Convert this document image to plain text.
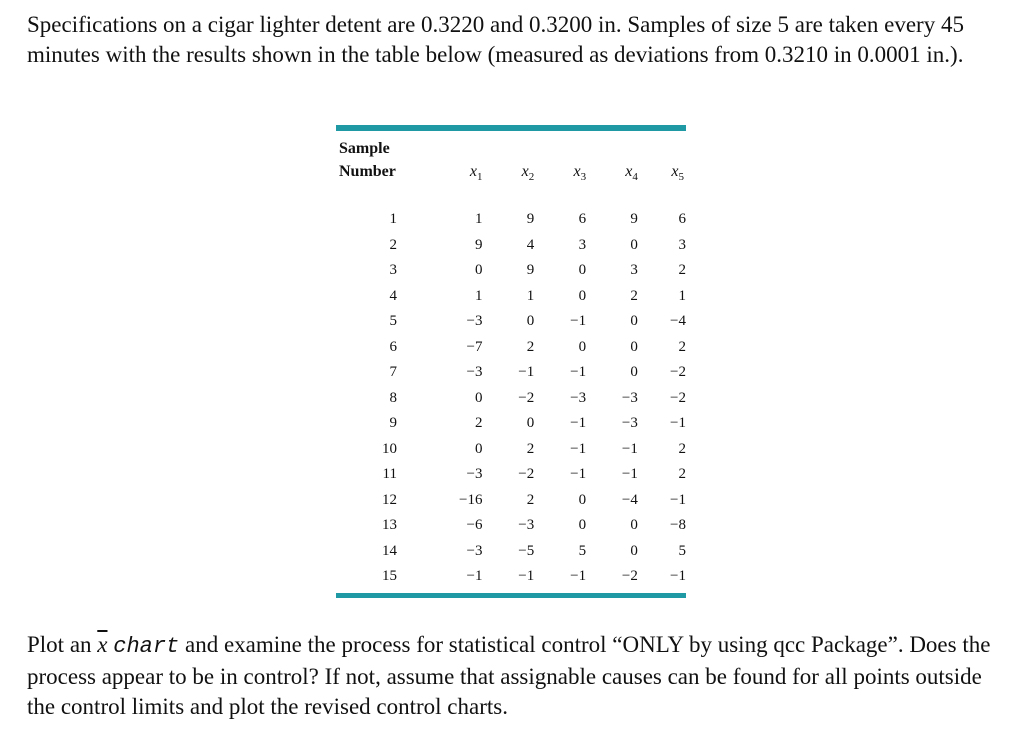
Specifications on a cigar lighter detent are 0.3220 and 0.3200 in. Samples of size 5 are taken every 45 minutes with the results shown in the table below (measured as deviations from 0.3210 in 0.0001 in.).

Sample
Number	$x_1$	$x_2$	$x_3$	$x_4$	$x_5$

1	1	9	6	9	6
2	9	4	3	0	3
3	0	9	0	3	2
4	1	1	0	2	1
5	−3	0	−1	0	−4
6	−7	2	0	0	2
7	−3	−1	−1	0	−2
8	0	−2	−3	−3	−2
9	2	0	−1	−3	−1
10	0	2	−1	−1	2
11	−3	−2	−1	−1	2
12	−16	2	0	−4	−1
13	−6	−3	0	0	−8
14	−3	−5	5	0	5
15	−1	−1	−1	−2	−1

Plot an $\overline{x}$ chart and examine the process for statistical control “ONLY by using qcc Package”. Does the process appear to be in control? If not, assume that assignable causes can be found for all points outside the control limits and plot the revised control charts.
